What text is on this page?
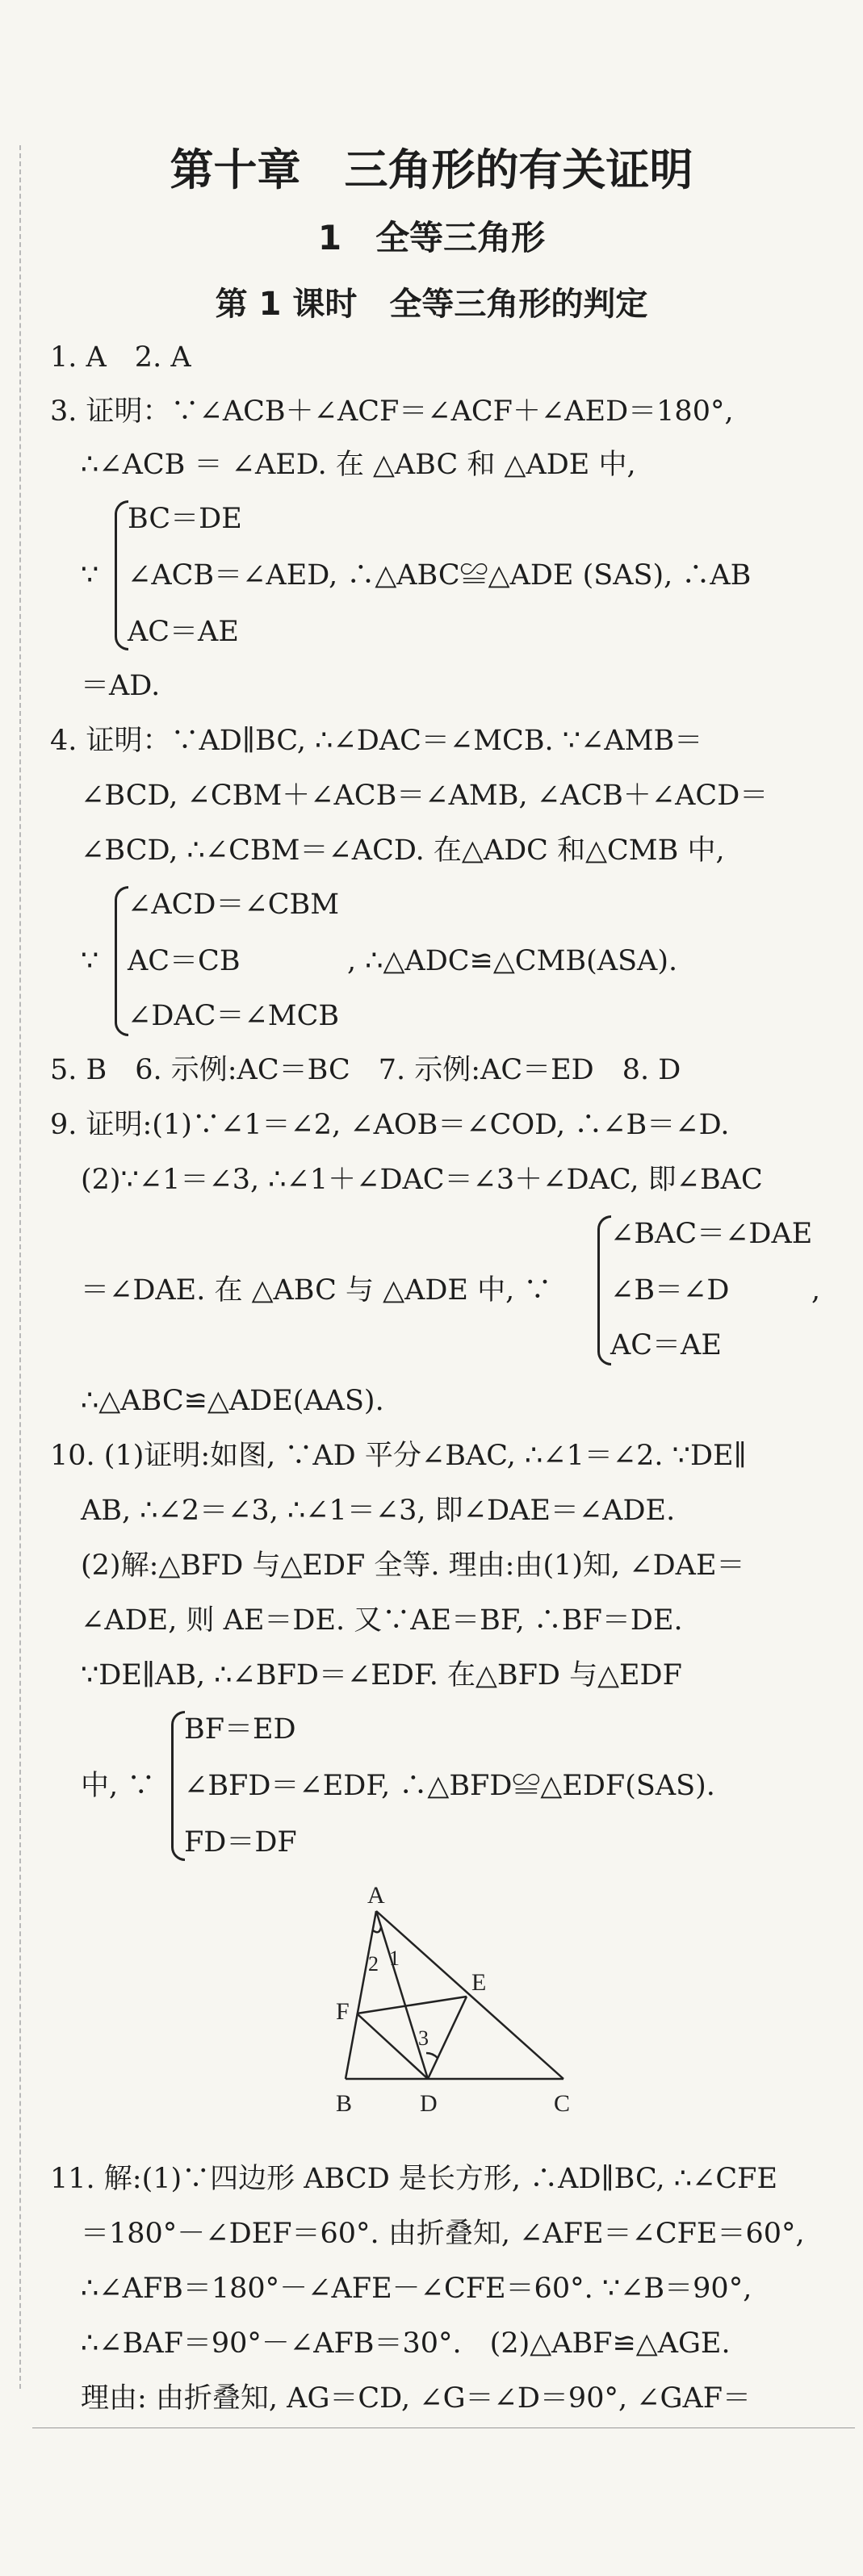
第十章　三角形的有关证明
1　全等三角形
第 1 课时　全等三角形的判定
1. A　2. A
3. 证明：∵∠ACB＋∠ACF＝∠ACF＋∠AED＝180°,
∴∠ACB ＝ ∠AED. 在 △ABC 和 △ADE 中,
BC＝DE
∵ ∠ACB＝∠AED, ∴△ABC≌△ADE (SAS), ∴AB
AC＝AE
＝AD.
4. 证明：∵AD∥BC, ∴∠DAC＝∠MCB. ∵∠AMB＝
∠BCD, ∠CBM＋∠ACB＝∠AMB, ∠ACB＋∠ACD＝
∠BCD, ∴∠CBM＝∠ACD. 在△ADC 和△CMB 中,
∠ACD＝∠CBM
∵ AC＝CB	, ∴△ADC≌△CMB(ASA).
∠DAC＝∠MCB
5. B　6. 示例:AC＝BC　7. 示例:AC＝ED　8. D
9. 证明:(1)∵∠1＝∠2, ∠AOB＝∠COD, ∴∠B＝∠D.
(2)∵∠1＝∠3, ∴∠1＋∠DAC＝∠3＋∠DAC, 即∠BAC
∠BAC＝∠DAE
＝∠DAE. 在 △ABC 与 △ADE 中, ∵ ∠B＝∠D	,
AC＝AE
∴△ABC≌△ADE(AAS).
10. (1)证明:如图, ∵AD 平分∠BAC, ∴∠1＝∠2. ∵DE∥
AB, ∴∠2＝∠3, ∴∠1＝∠3, 即∠DAE＝∠ADE.
(2)解:△BFD 与△EDF 全等. 理由:由(1)知, ∠DAE＝
∠ADE, 则 AE＝DE. 又∵AE＝BF, ∴BF＝DE.
∵DE∥AB, ∴∠BFD＝∠EDF. 在△BFD 与△EDF
BF＝ED
中, ∵ ∠BFD＝∠EDF, ∴△BFD≌△EDF(SAS).
FD＝DF
A
F
E
B	D	C
1
2
3
11. 解:(1)∵四边形 ABCD 是长方形, ∴AD∥BC, ∴∠CFE
＝180°－∠DEF＝60°. 由折叠知, ∠AFE＝∠CFE＝60°,
∴∠AFB＝180°－∠AFE－∠CFE＝60°. ∵∠B＝90°,
∴∠BAF＝90°－∠AFB＝30°.　(2)△ABF≌△AGE.
理由: 由折叠知, AG＝CD, ∠G＝∠D＝90°, ∠GAF＝
